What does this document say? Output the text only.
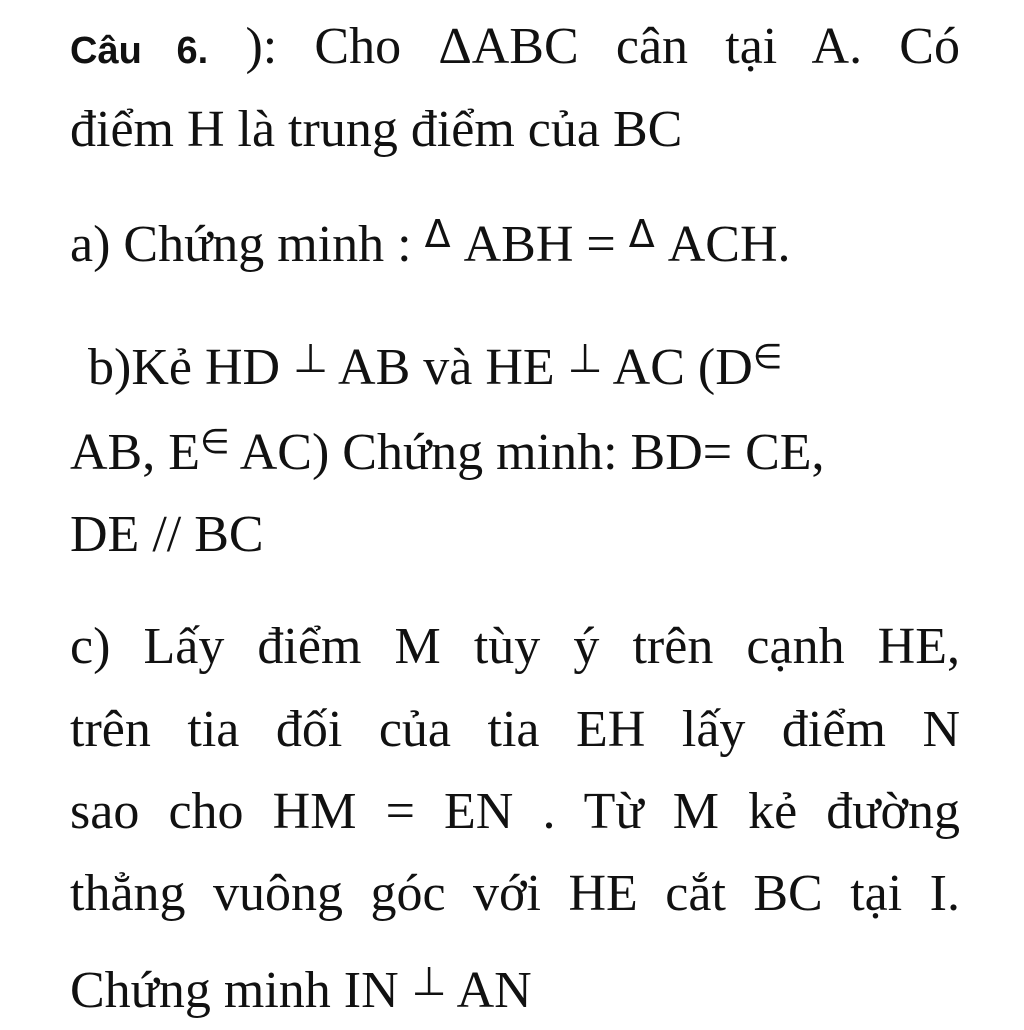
Câu 6. ): Cho ΔABC cân tại A. Có
điểm H là trung điểm của BC
a) Chứng minh : $^\Delta$ ABH = $^\Delta$ ACH.
b)Kẻ HD ⊥ AB và HE ⊥ AC (D∈
AB, E∈ AC) Chứng minh: BD= CE,
DE // BC
c) Lấy điểm M tùy ý trên cạnh HE,
trên tia đối của tia EH lấy điểm N
sao cho HM = EN . Từ M kẻ đường
thẳng vuông góc với HE cắt BC tại I.
Chứng minh IN ⊥ AN
